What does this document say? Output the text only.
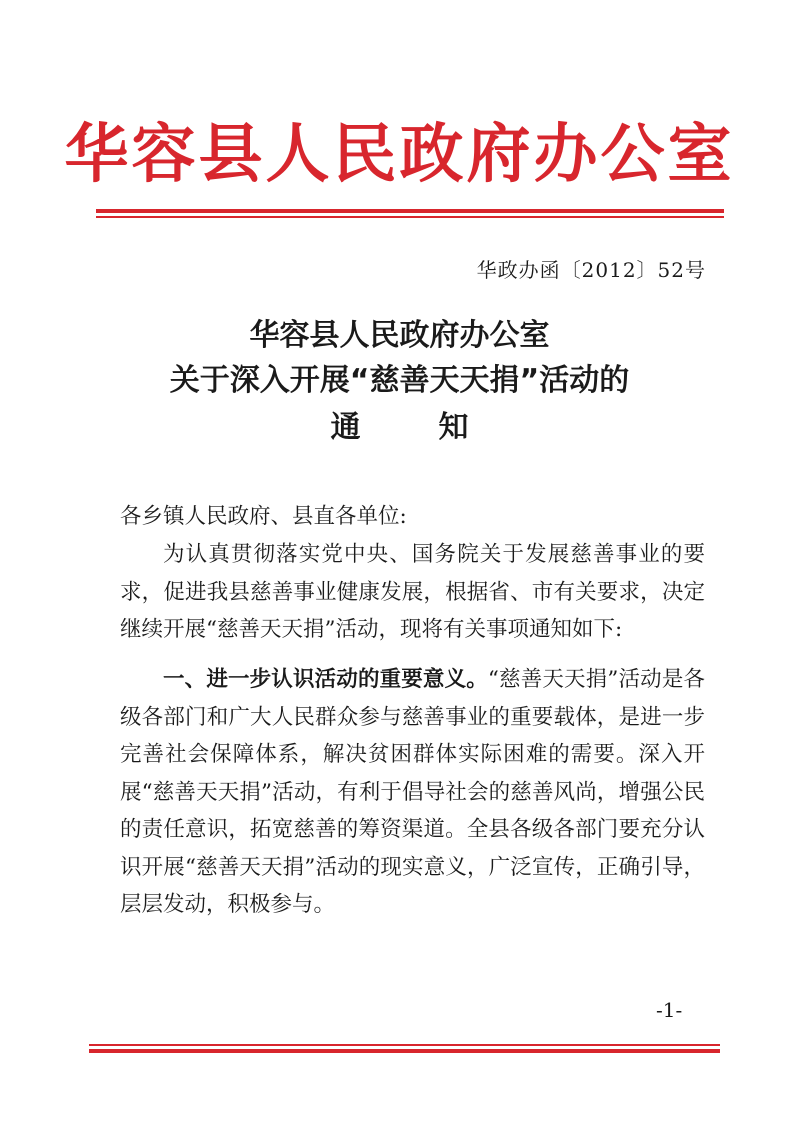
华容县人民政府办公室
华政办函〔2012〕52号
华容县人民政府办公室
关于深入开展“慈善天天捐”活动的
通知
各乡镇人民政府、县直各单位:
为认真贯彻落实党中央、国务院关于发展慈善事业的要求，促进我县慈善事业健康发展，根据省、市有关要求，决定继续开展“慈善天天捐”活动，现将有关事项通知如下:
一、进一步认识活动的重要意义。“慈善天天捐”活动是各级各部门和广大人民群众参与慈善事业的重要载体，是进一步完善社会保障体系，解决贫困群体实际困难的需要。深入开展“慈善天天捐”活动，有利于倡导社会的慈善风尚，增强公民的责任意识，拓宽慈善的筹资渠道。全县各级各部门要充分认识开展“慈善天天捐”活动的现实意义，广泛宣传，正确引导，层层发动，积极参与。
-1-
